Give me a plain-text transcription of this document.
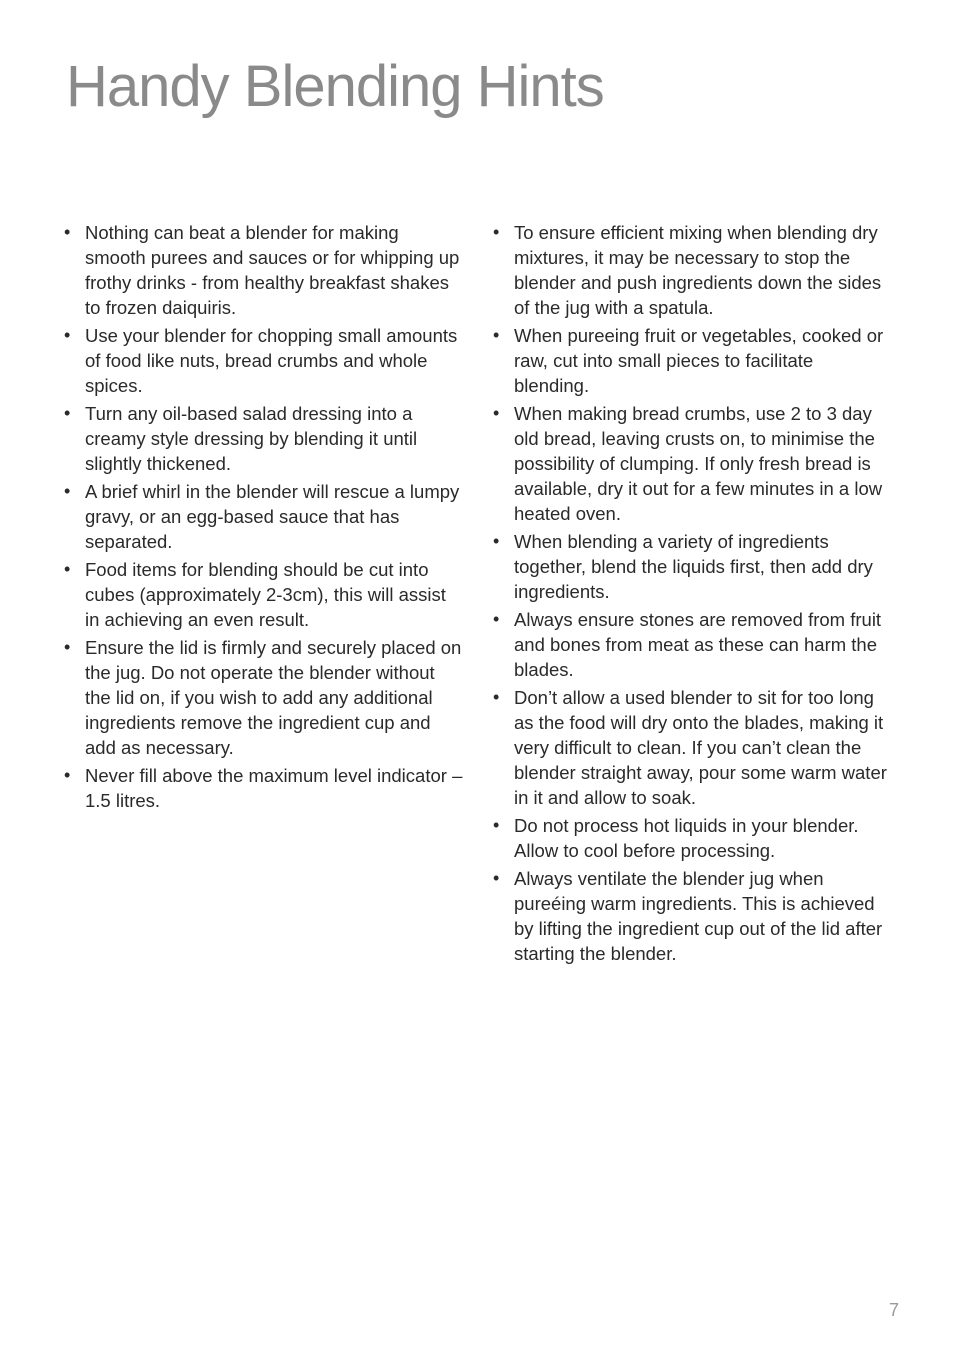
Handy Blending Hints
• Nothing can beat a blender for making smooth purees and sauces or for whipping up frothy drinks - from healthy breakfast shakes to frozen daiquiris.
• Use your blender for chopping small amounts of food like nuts, bread crumbs and whole spices.
• Turn any oil-based salad dressing into a creamy style dressing by blending it until slightly thickened.
• A brief whirl in the blender will rescue a lumpy gravy, or an egg-based sauce that has separated.
• Food items for blending should be cut into cubes (approximately 2-3cm), this will assist in achieving an even result.
• Ensure the lid is firmly and securely placed on the jug. Do not operate the blender without the lid on, if you wish to add any additional ingredients remove the ingredient cup and add as necessary.
• Never fill above the maximum level indicator – 1.5 litres.
• To ensure efficient mixing when blending dry mixtures, it may be necessary to stop the blender and push ingredients down the sides of the jug with a spatula.
• When pureeing fruit or vegetables, cooked or raw, cut into small pieces to facilitate blending.
• When making bread crumbs, use 2 to 3 day old bread, leaving crusts on, to minimise the possibility of clumping. If only fresh bread is available, dry it out for a few minutes in a low heated oven.
• When blending a variety of ingredients together, blend the liquids first, then add dry ingredients.
• Always ensure stones are removed from fruit and bones from meat as these can harm the blades.
• Don’t allow a used blender to sit for too long as the food will dry onto the blades, making it very difficult to clean. If you can’t clean the blender straight away, pour some warm water in it and allow to soak.
• Do not process hot liquids in your blender. Allow to cool before processing.
• Always ventilate the blender jug when pureéing warm ingredients. This is achieved by lifting the ingredient cup out of the lid after starting the blender.
7
